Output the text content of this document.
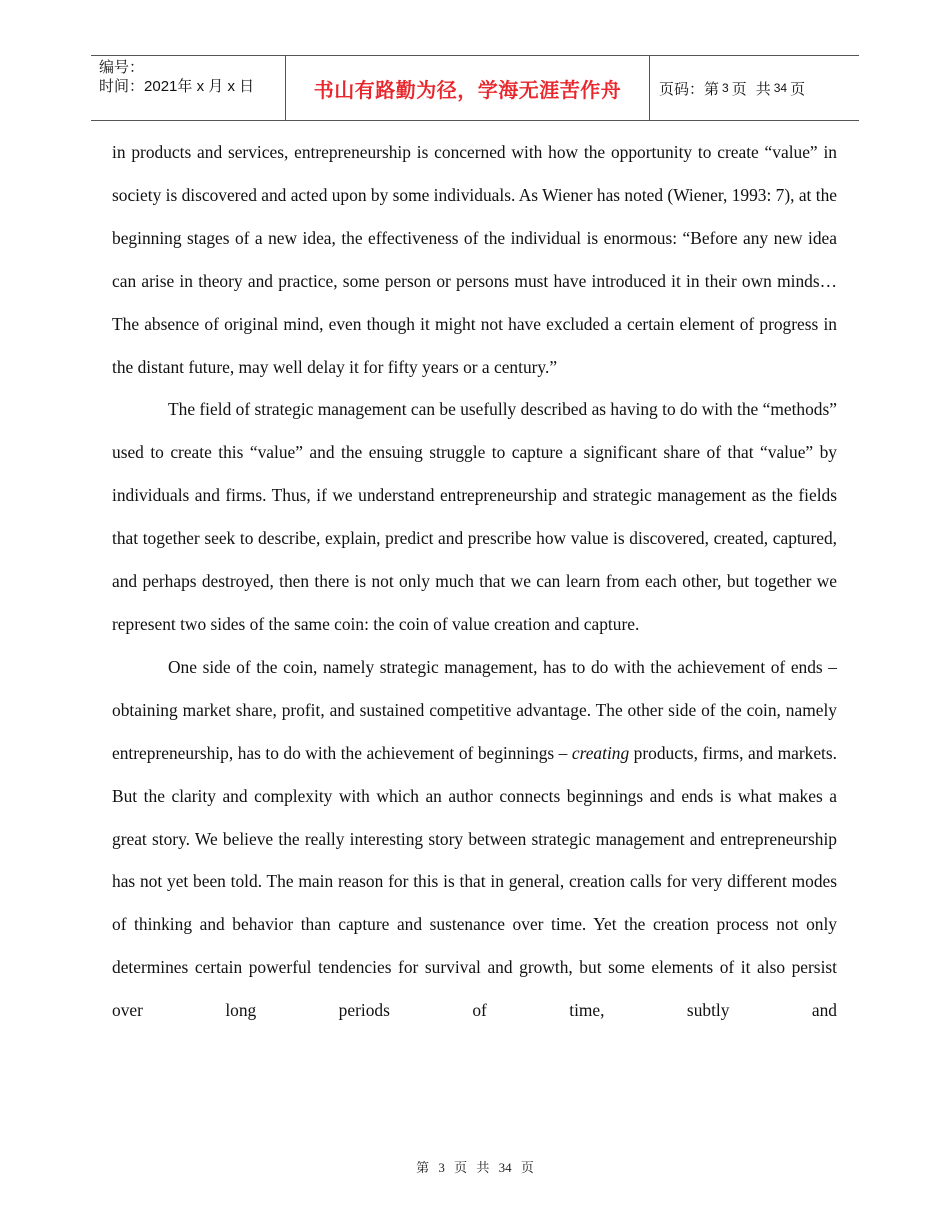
编号：
时间：2021年 x 月 x 日	书山有路勤为径，学海无涯苦作舟	页码：第 3 页 共 34 页

in products and services, entrepreneurship is concerned with how the opportunity to create “value” in society is discovered and acted upon by some individuals. As Wiener has noted (Wiener, 1993: 7), at the beginning stages of a new idea, the effectiveness of the individual is enormous: “Before any new idea can arise in theory and practice, some person or persons must have introduced it in their own minds… The absence of original mind, even though it might not have excluded a certain element of progress in the distant future, may well delay it for fifty years or a century.”

The field of strategic management can be usefully described as having to do with the “methods” used to create this “value” and the ensuing struggle to capture a significant share of that “value” by individuals and firms. Thus, if we understand entrepreneurship and strategic management as the fields that together seek to describe, explain, predict and prescribe how value is discovered, created, captured, and perhaps destroyed, then there is not only much that we can learn from each other, but together we represent two sides of the same coin: the coin of value creation and capture.

One side of the coin, namely strategic management, has to do with the achievement of ends – obtaining market share, profit, and sustained competitive advantage. The other side of the coin, namely entrepreneurship, has to do with the achievement of beginnings – creating products, firms, and markets. But the clarity and complexity with which an author connects beginnings and ends is what makes a great story. We believe the really interesting story between strategic management and entrepreneurship has not yet been told. The main reason for this is that in general, creation calls for very different modes of thinking and behavior than capture and sustenance over time. Yet the creation process not only determines certain powerful tendencies for survival and growth, but some elements of it also persist over long periods of time, subtly and

第 3 页 共 34 页
